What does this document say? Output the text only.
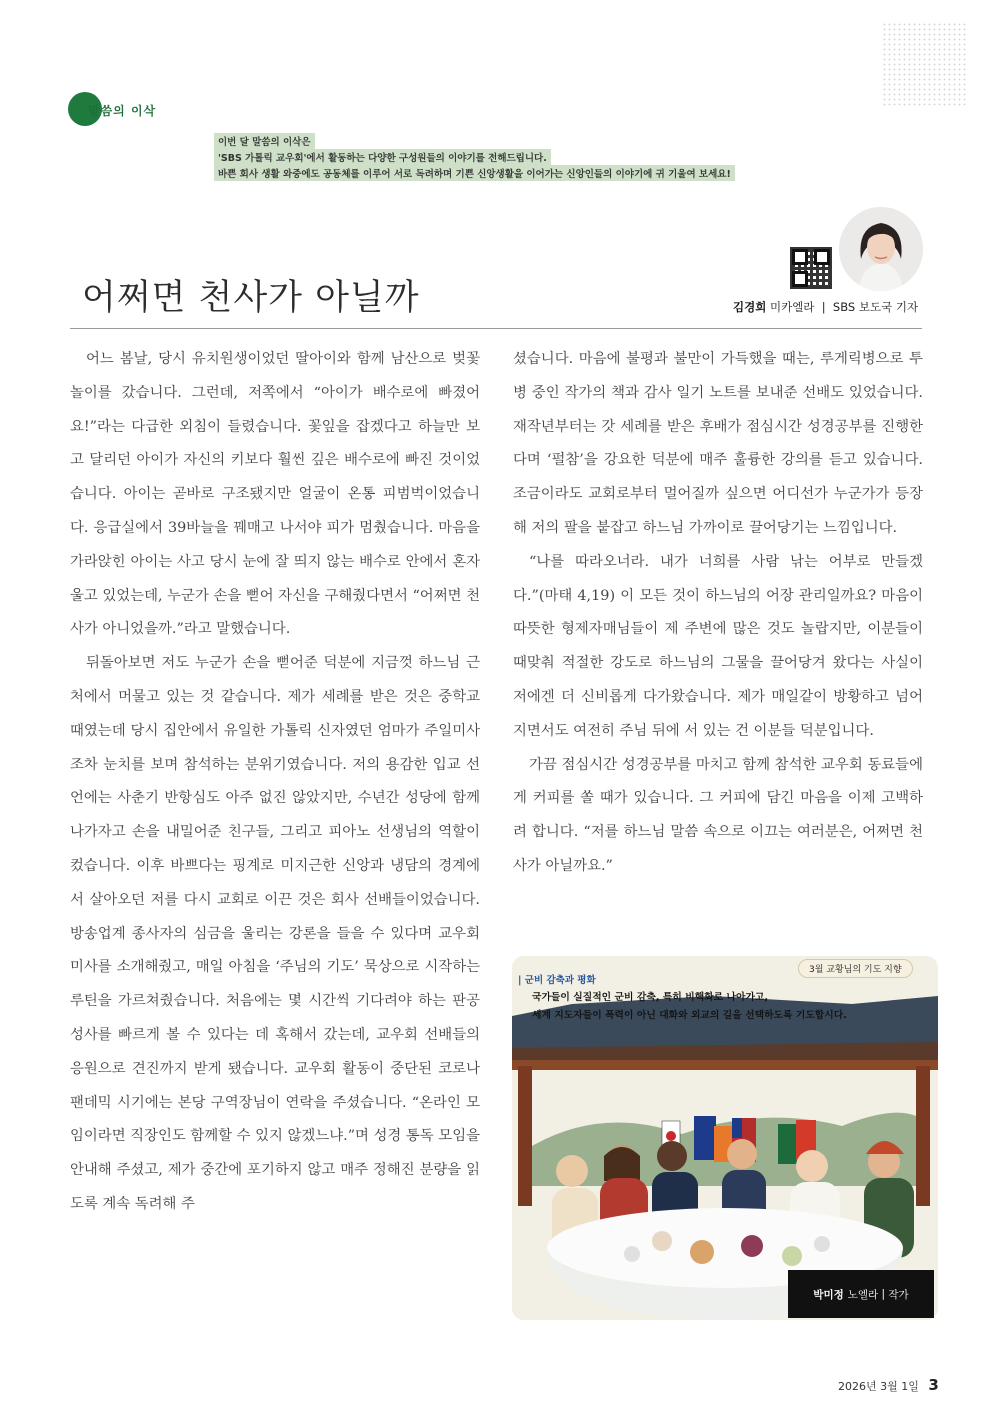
말씀의 이삭
이번 달 말씀의 이삭은
'SBS 가톨릭 교우회'에서 활동하는 다양한 구성원들의 이야기를 전해드립니다.
바쁜 회사 생활 와중에도 공동체를 이루어 서로 독려하며 기쁜 신앙생활을 이어가는 신앙인들의 이야기에 귀 기울여 보세요!
어쩌면 천사가 아닐까	김경희 미카엘라  |  SBS 보도국 기자

어느 봄날, 당시 유치원생이었던 딸아이와 함께 남산으로 벚꽃놀이를 갔습니다. 그런데, 저쪽에서 “아이가 배수로에 빠졌어요!”라는 다급한 외침이 들렸습니다. 꽃잎을 잡겠다고 하늘만 보고 달리던 아이가 자신의 키보다 훨씬 깊은 배수로에 빠진 것이었습니다. 아이는 곧바로 구조됐지만 얼굴이 온통 피범벅이었습니다. 응급실에서 39바늘을 꿰매고 나서야 피가 멈췄습니다. 마음을 가라앉힌 아이는 사고 당시 눈에 잘 띄지 않는 배수로 안에서 혼자 울고 있었는데, 누군가 손을 뻗어 자신을 구해줬다면서 “어쩌면 천사가 아니었을까.”라고 말했습니다.

뒤돌아보면 저도 누군가 손을 뻗어준 덕분에 지금껏 하느님 근처에서 머물고 있는 것 같습니다. 제가 세례를 받은 것은 중학교 때였는데 당시 집안에서 유일한 가톨릭 신자였던 엄마가 주일미사조차 눈치를 보며 참석하는 분위기였습니다. 저의 용감한 입교 선언에는 사춘기 반항심도 아주 없진 않았지만, 수년간 성당에 함께 나가자고 손을 내밀어준 친구들, 그리고 피아노 선생님의 역할이 컸습니다. 이후 바쁘다는 핑계로 미지근한 신앙과 냉담의 경계에서 살아오던 저를 다시 교회로 이끈 것은 회사 선배들이었습니다. 방송업계 종사자의 심금을 울리는 강론을 들을 수 있다며 교우회 미사를 소개해줬고, 매일 아침을 ‘주님의 기도’ 묵상으로 시작하는 루틴을 가르쳐줬습니다. 처음에는 몇 시간씩 기다려야 하는 판공성사를 빠르게 볼 수 있다는 데 혹해서 갔는데, 교우회 선배들의 응원으로 견진까지 받게 됐습니다. 교우회 활동이 중단된 코로나 팬데믹 시기에는 본당 구역장님이 연락을 주셨습니다. “온라인 모임이라면 직장인도 함께할 수 있지 않겠느냐.”며 성경 통독 모임을 안내해 주셨고, 제가 중간에 포기하지 않고 매주 정해진 분량을 읽도록 계속 독려해 주

셨습니다. 마음에 불평과 불만이 가득했을 때는, 루게릭병으로 투병 중인 작가의 책과 감사 일기 노트를 보내준 선배도 있었습니다. 재작년부터는 갓 세례를 받은 후배가 점심시간 성경공부를 진행한다며 ‘펄참’을 강요한 덕분에 매주 훌륭한 강의를 듣고 있습니다. 조금이라도 교회로부터 멀어질까 싶으면 어디선가 누군가가 등장해 저의 팔을 붙잡고 하느님 가까이로 끌어당기는 느낌입니다.

“나를 따라오너라. 내가 너희를 사람 낚는 어부로 만들겠다.”(마태 4,19) 이 모든 것이 하느님의 어장 관리일까요? 마음이 따뜻한 형제자매님들이 제 주변에 많은 것도 놀랍지만, 이분들이 때맞춰 적절한 강도로 하느님의 그물을 끌어당겨 왔다는 사실이 저에겐 더 신비롭게 다가왔습니다. 제가 매일같이 방황하고 넘어지면서도 여전히 주님 뒤에 서 있는 건 이분들 덕분입니다.

가끔 점심시간 성경공부를 마치고 함께 참석한 교우회 동료들에게 커피를 쏠 때가 있습니다. 그 커피에 담긴 마음을 이제 고백하려 합니다. “저를 하느님 말씀 속으로 이끄는 여러분은, 어쩌면 천사가 아닐까요.”

| 군비 감축과 평화
3월 교황님의 기도 지향
국가들이 실질적인 군비 감축, 특히 비핵화로 나아가고,
세계 지도자들이 폭력이 아닌 대화와 외교의 길을 선택하도록 기도합시다.
박미정 노엘라 | 작가
2026년 3월 1일 3
